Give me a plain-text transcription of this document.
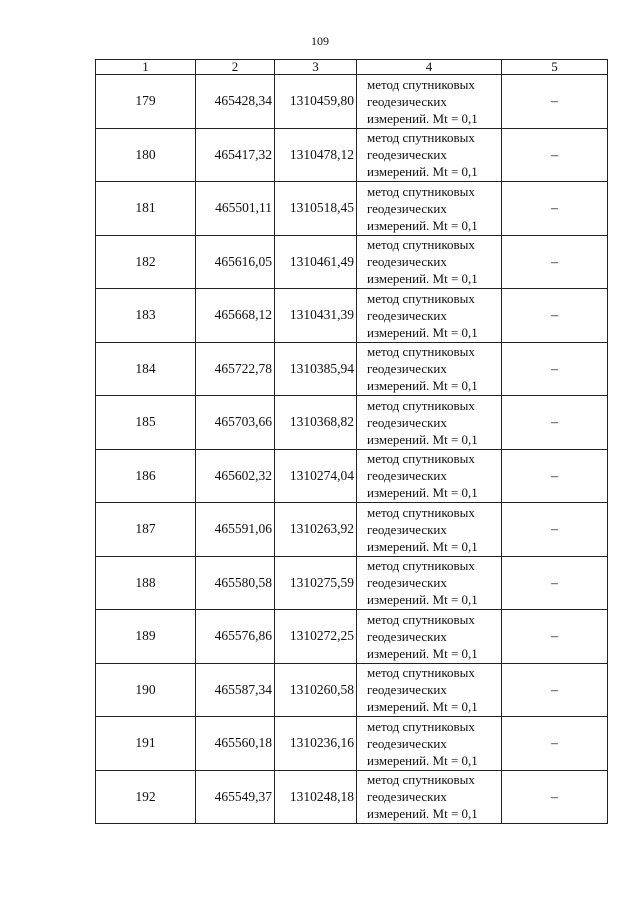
109
1	2	3	4	5
179	465428,34	1310459,80	метод спутниковых
геодезических
измерений. Mt = 0,1	–
180	465417,32	1310478,12	метод спутниковых
геодезических
измерений. Mt = 0,1	–
181	465501,11	1310518,45	метод спутниковых
геодезических
измерений. Mt = 0,1	–
182	465616,05	1310461,49	метод спутниковых
геодезических
измерений. Mt = 0,1	–
183	465668,12	1310431,39	метод спутниковых
геодезических
измерений. Mt = 0,1	–
184	465722,78	1310385,94	метод спутниковых
геодезических
измерений. Mt = 0,1	–
185	465703,66	1310368,82	метод спутниковых
геодезических
измерений. Mt = 0,1	–
186	465602,32	1310274,04	метод спутниковых
геодезических
измерений. Mt = 0,1	–
187	465591,06	1310263,92	метод спутниковых
геодезических
измерений. Mt = 0,1	–
188	465580,58	1310275,59	метод спутниковых
геодезических
измерений. Mt = 0,1	–
189	465576,86	1310272,25	метод спутниковых
геодезических
измерений. Mt = 0,1	–
190	465587,34	1310260,58	метод спутниковых
геодезических
измерений. Mt = 0,1	–
191	465560,18	1310236,16	метод спутниковых
геодезических
измерений. Mt = 0,1	–
192	465549,37	1310248,18	метод спутниковых
геодезических
измерений. Mt = 0,1	–
